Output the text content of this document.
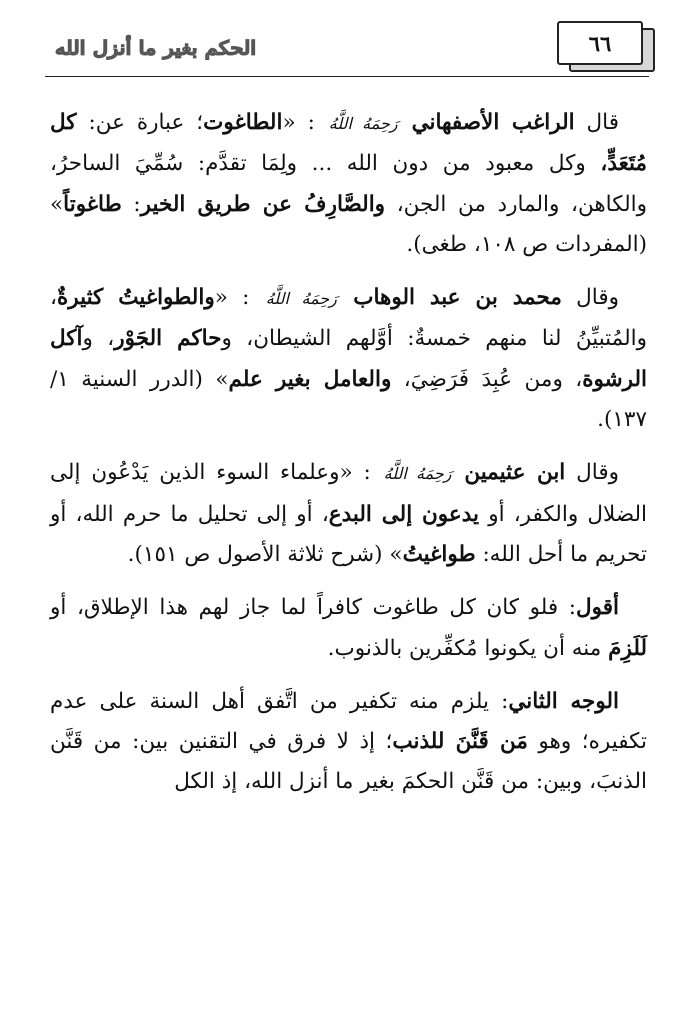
٦٦
الحكم بغير ما أنزل الله

قال الراغب الأصفهاني رَحِمَهُ اللَّهُ : «الطاغوت؛ عبارة عن: كل مُتَعَدٍّ، وكل معبود من دون الله ... ولِمَا تقدَّم: سُمِّيَ الساحرُ، والكاهن، والمارد من الجن، والصَّارِفُ عن طريق الخير: طاغوتاً» (المفردات ص ١٠٨، طغى).

وقال محمد بن عبد الوهاب رَحِمَهُ اللَّهُ : «والطواغيتُ كثيرةٌ، والمُتبيِّنُ لنا منهم خمسةٌ: أوَّلهم الشيطان، وحاكم الجَوْر، وآكل الرشوة، ومن عُبِدَ فَرَضِيَ، والعامل بغير علم» (الدرر السنية ١/ ١٣٧).

وقال ابن عثيمين رَحِمَهُ اللَّهُ : «وعلماء السوء الذين يَدْعُون إلى الضلال والكفر، أو يدعون إلى البدع، أو إلى تحليل ما حرم الله، أو تحريم ما أحل الله: طواغيتُ» (شرح ثلاثة الأصول ص ١٥١).

أقول: فلو كان كل طاغوت كافراً لما جاز لهم هذا الإطلاق، أو لَلَزِمَ منه أن يكونوا مُكفِّرين بالذنوب.

الوجه الثاني: يلزم منه تكفير من اتَّفق أهل السنة على عدم تكفيره؛ وهو مَن قَنَّنَ للذنب؛ إذ لا فرق في التقنين بين: من قَنَّن الذنبَ، وبين: من قَنَّن الحكمَ بغير ما أنزل الله، إذ الكل
